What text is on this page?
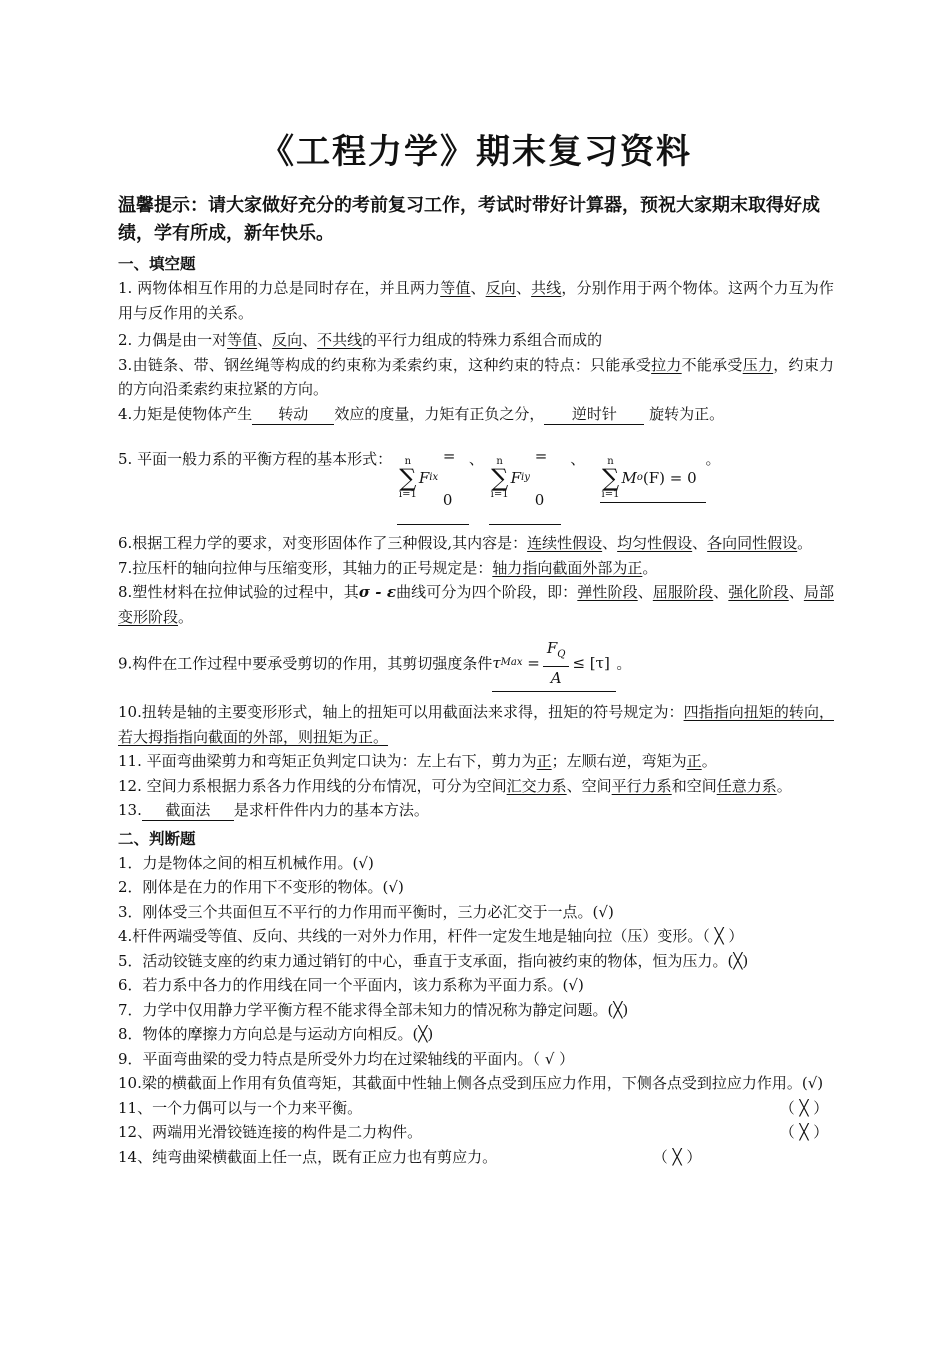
《工程力学》期末复习资料
温馨提示：请大家做好充分的考前复习工作，考试时带好计算器，预祝大家期末取得好成绩，学有所成，新年快乐。
一、填空题
1. 两物体相互作用的力总是同时存在，并且两力等值、反向、共线，分别作用于两个物体。这两个力互为作用与反作用的关系。
2. 力偶是由一对等值、反向、不共线的平行力组成的特殊力系组合而成的
3.由链条、带、钢丝绳等构成的约束称为柔索约束，这种约束的特点：只能承受拉力不能承受压力，约束力的方向沿柔索约束拉紧的方向。
4.力矩是使物体产生 转动 效应的度量，力矩有正负之分， 逆时针 旋转为正。
5. 平面一般力系的平衡方程的基本形式： n
∑
i=1
F ix

= 0
、 n
∑
i=1
F iy

= 0
、 n
∑
i=1
M o (F) = 0
。
6.根据工程力学的要求，对变形固体作了三种假设,其内容是：连续性假设、均匀性假设、各向同性假设。
7.拉压杆的轴向拉伸与压缩变形，其轴力的正号规定是：轴力指向截面外部为正。
8.塑性材料在拉伸试验的过程中，其σ - ε曲线可分为四个阶段，即：弹性阶段、屈服阶段、强化阶段、局部变形阶段。
9.构件在工作过程中要承受剪切的作用，其剪切强度条件 τ Max
= $\frac{F_Q}{A} \le [\tau]$ 。
10.扭转是轴的主要变形形式，轴上的扭矩可以用截面法来求得，扭矩的符号规定为：四指指向扭矩的转向，若大拇指指向截面的外部，则扭矩为正。
11. 平面弯曲梁剪力和弯矩正负判定口诀为：左上右下，剪力为正；左顺右逆，弯矩为正。
12. 空间力系根据力系各力作用线的分布情况，可分为空间汇交力系、空间平行力系和空间任意力系。
13. 截面法 是求杆件件内力的基本方法。
二、判断题
1．力是物体之间的相互机械作用。(√)
2．刚体是在力的作用下不变形的物体。(√)
3．刚体受三个共面但互不平行的力作用而平衡时，三力必汇交于一点。(√)
4.杆件两端受等值、反向、共线的一对外力作用，杆件一定发生地是轴向拉（压）变形。（ ╳ ）
5．活动铰链支座的约束力通过销钉的中心，垂直于支承面，指向被约束的物体，恒为压力。(╳)
6．若力系中各力的作用线在同一个平面内，该力系称为平面力系。(√)
7．力学中仅用静力学平衡方程不能求得全部未知力的情况称为静定问题。(╳)
8．物体的摩擦力方向总是与运动方向相反。(╳)
9．平面弯曲梁的受力特点是所受外力均在过梁轴线的平面内。（ √ ）
10.梁的横截面上作用有负值弯矩，其截面中性轴上侧各点受到压应力作用，下侧各点受到拉应力作用。(√)
11、一个力偶可以与一个力来平衡。	（ ╳ ）
12、两端用光滑铰链连接的构件是二力构件。	（ ╳ ）
14、纯弯曲梁横截面上任一点，既有正应力也有剪应力。	（ ╳ ）
